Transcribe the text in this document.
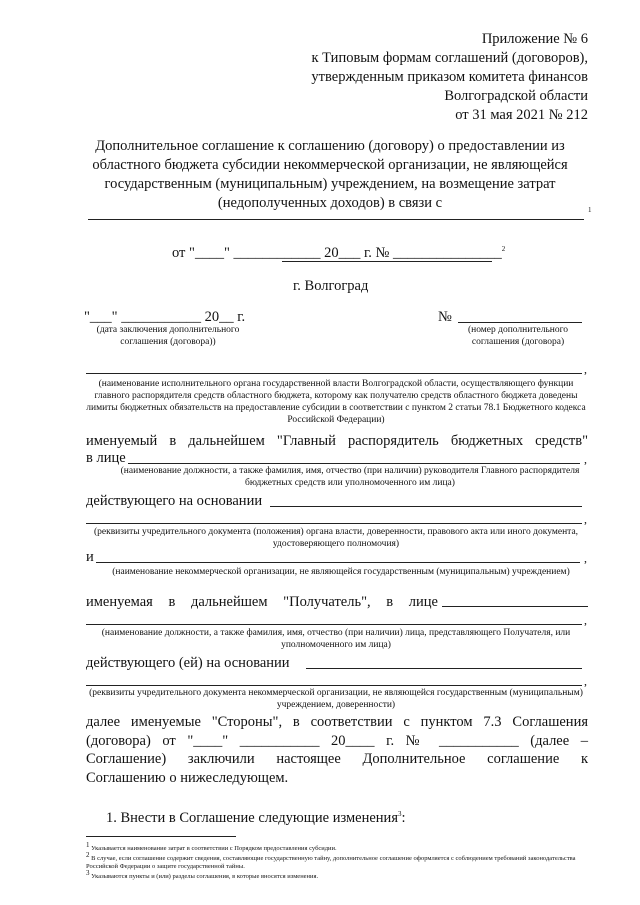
Приложение № 6
к Типовым формам соглашений (договоров),
утвержденным приказом комитета финансов
Волгоградской области
от 31 мая 2021 № 212
Дополнительное соглашение к соглашению (договору) о предоставлении из
областного бюджета субсидии некоммерческой организации, не являющейся
государственным (муниципальным) учреждением, на возмещение затрат
(недополученных доходов) в связи с	1
от "____" ____________ 20___ г. № _______________$^2$
г. Волгоград
"___" ___________ 20__ г.
(дата заключения дополнительного соглашения (договора))
№
(номер дополнительного соглашения (договора)
,
(наименование исполнительного органа государственной власти Волгоградской области, осуществляющего функции главного распорядителя средств областного бюджета, которому как получателю средств областного бюджета доведены лимиты бюджетных обязательств на предоставление субсидии в соответствии с пунктом 2 статьи 78.1 Бюджетного кодекса Российской Федерации)
именуемый в дальнейшем "Главный распорядитель бюджетных средств"
в лице	,
(наименование должности, а также фамилия, имя, отчество (при наличии) руководителя Главного распорядителя бюджетных средств или уполномоченного им лица)
действующего на основании
,
(реквизиты учредительного документа (положения) органа власти, доверенности, правового акта или иного документа, удостоверяющего полномочия)
и	,
(наименование некоммерческой организации, не являющейся государственным (муниципальным) учреждением)
именуемая в дальнейшем "Получатель", в лице
,
(наименование должности, а также фамилия, имя, отчество (при наличии) лица, представляющего Получателя, или уполномоченного им лица)
действующего (ей) на основании
,
(реквизиты учредительного документа некоммерческой организации, не являющейся государственным (муниципальным) учреждением, доверенности)
далее именуемые "Стороны", в соответствии с пунктом 7.3 Соглашения
(договора) от "____" ___________ 20____ г. № ___________ (далее –
Соглашение) заключили настоящее Дополнительное соглашение к
Соглашению о нижеследующем.
1. Внести в Соглашение следующие изменения$^3$:
$^1$ Указывается наименование затрат в соответствии с Порядком предоставления субсидии.
$^2$ В случае, если соглашение содержит сведения, составляющие государственную тайну, дополнительное соглашение оформляется с соблюдением требований законодательства Российской Федерации о защите государственной тайны.
$^3$ Указываются пункты и (или) разделы соглашения, в которые вносятся изменения.
